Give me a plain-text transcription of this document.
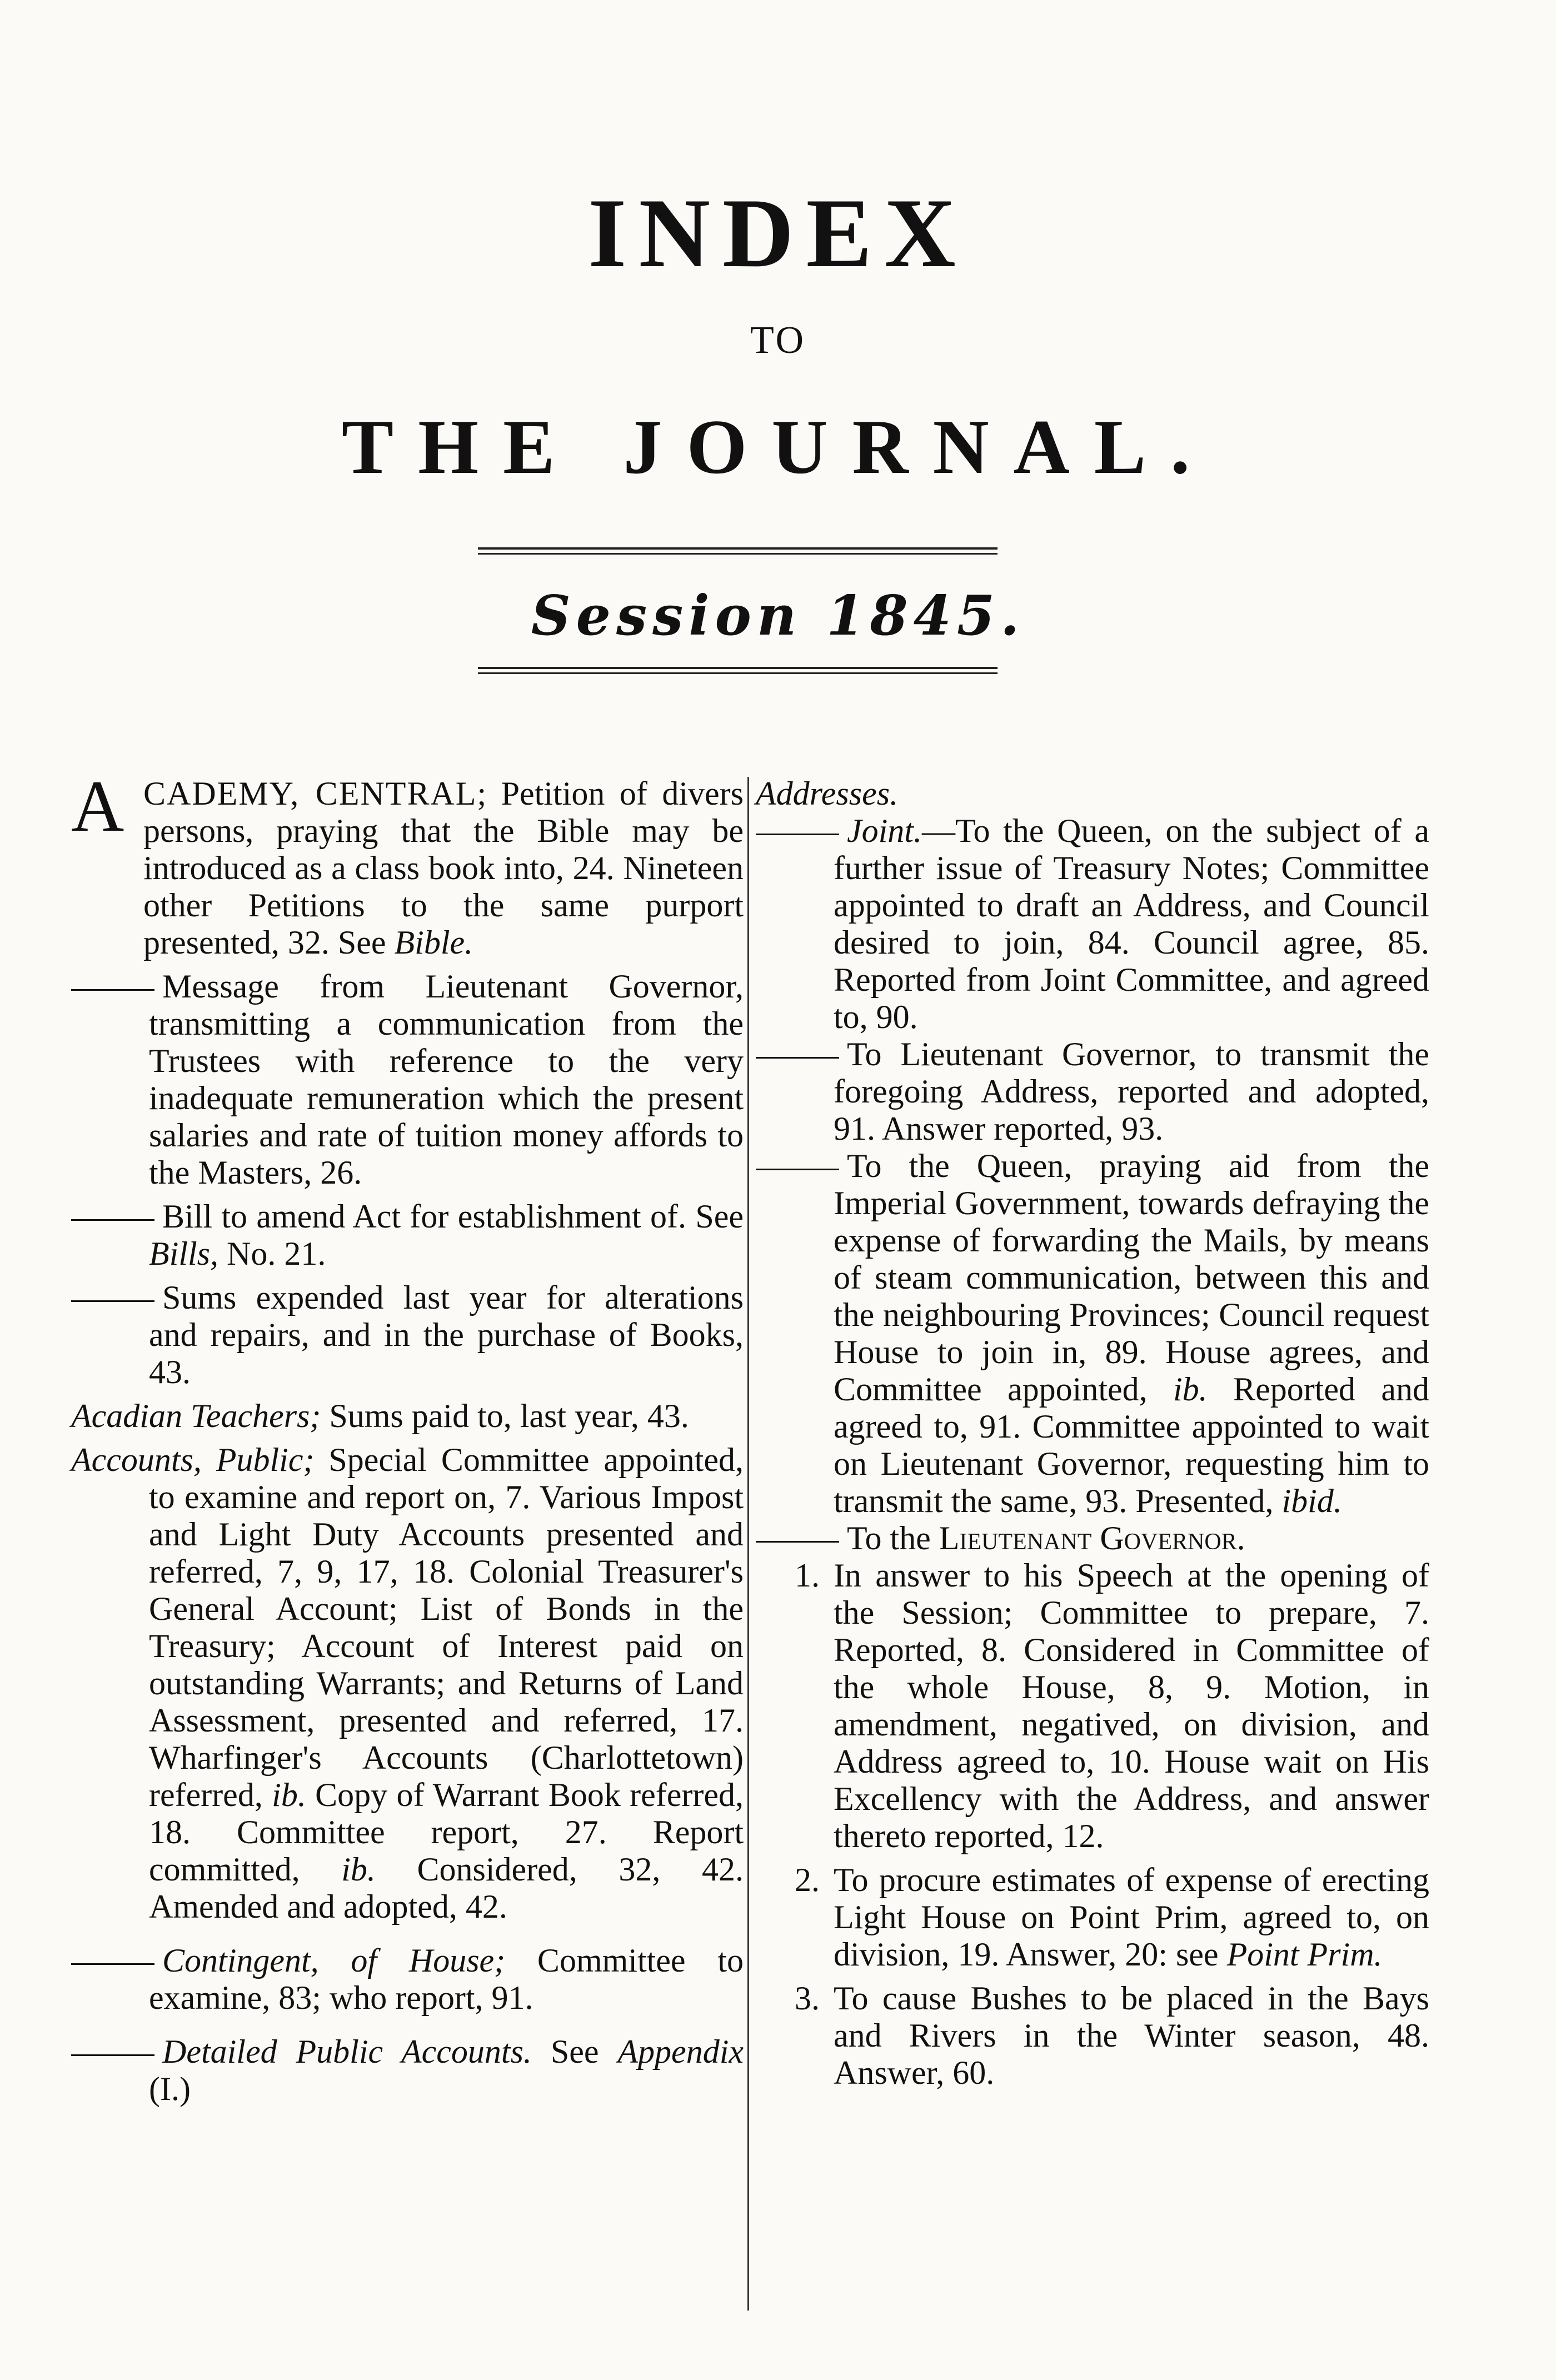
INDEX
TO
THE JOURNAL.
Session 1845.
A CADEMY, CENTRAL; Petition of divers persons, praying that the Bible may be introduced as a class book into, 24. Nineteen other Petitions to the same purport presented, 32. See Bible.
Message from Lieutenant Governor, transmitting a communication from the Trustees with reference to the very inadequate remuneration which the present salaries and rate of tuition money affords to the Masters, 26.
Bill to amend Act for establishment of. See Bills, No. 21.
Sums expended last year for alterations and repairs, and in the purchase of Books, 43.
Acadian Teachers; Sums paid to, last year, 43.
Accounts, Public; Special Committee appointed, to examine and report on, 7. Various Impost and Light Duty Accounts presented and referred, 7, 9, 17, 18. Colonial Treasurer's General Account; List of Bonds in the Treasury; Account of Interest paid on outstanding Warrants; and Returns of Land Assessment, presented and referred, 17. Wharfinger's Accounts (Charlottetown) referred, ib. Copy of Warrant Book referred, 18. Committee report, 27. Report committed, ib. Considered, 32, 42. Amended and adopted, 42.
Contingent, of House; Committee to examine, 83; who report, 91.
Detailed Public Accounts. See Appendix (I.)
Addresses.
Joint.—To the Queen, on the subject of a further issue of Treasury Notes; Committee appointed to draft an Address, and Council desired to join, 84. Council agree, 85. Reported from Joint Committee, and agreed to, 90.
To Lieutenant Governor, to transmit the foregoing Address, reported and adopted, 91. Answer reported, 93.
To the Queen, praying aid from the Imperial Government, towards defraying the expense of forwarding the Mails, by means of steam communication, between this and the neighbouring Provinces; Council request House to join in, 89. House agrees, and Committee appointed, ib. Reported and agreed to, 91. Committee appointed to wait on Lieutenant Governor, requesting him to transmit the same, 93. Presented, ibid.
To the Lieutenant Governor.
1. In answer to his Speech at the opening of the Session; Committee to prepare, 7. Reported, 8. Considered in Committee of the whole House, 8, 9. Motion, in amendment, negatived, on division, and Address agreed to, 10. House wait on His Excellency with the Address, and answer thereto reported, 12.
2. To procure estimates of expense of erecting Light House on Point Prim, agreed to, on division, 19. Answer, 20: see Point Prim.
3. To cause Bushes to be placed in the Bays and Rivers in the Winter season, 48. Answer, 60.
